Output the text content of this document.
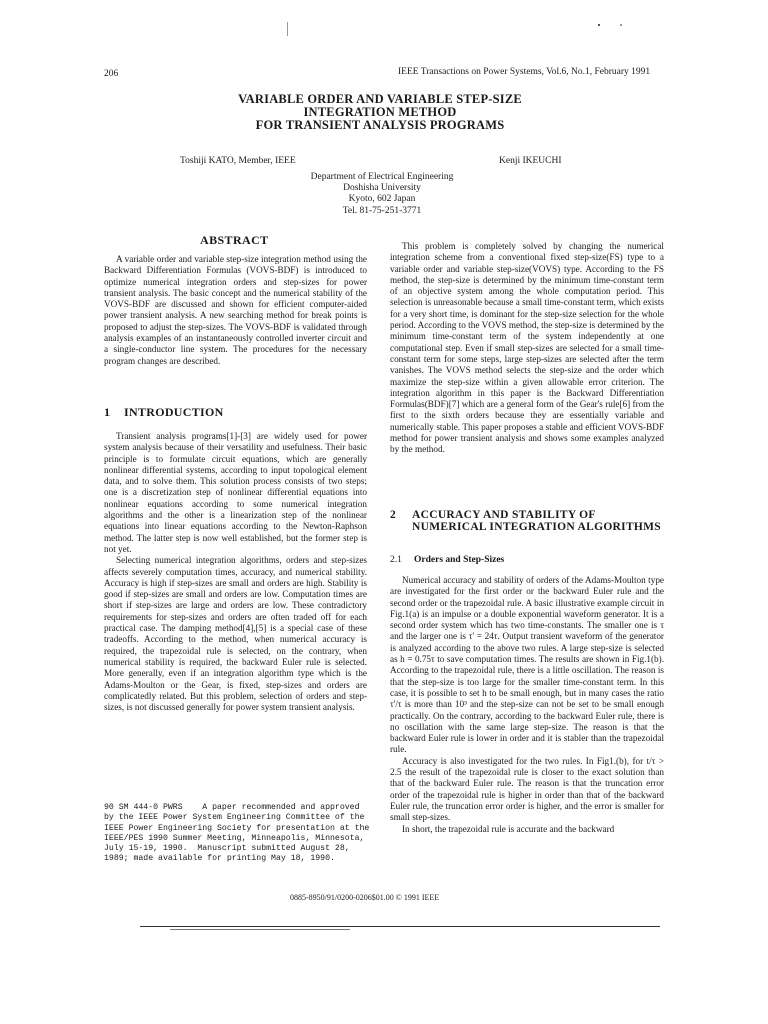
206	IEEE Transactions on Power Systems, Vol.6, No.1, February 1991
VARIABLE ORDER AND VARIABLE STEP-SIZE
INTEGRATION METHOD
FOR TRANSIENT ANALYSIS PROGRAMS
Toshiji KATO, Member, IEEE	Kenji IKEUCHI
Department of Electrical Engineering
Doshisha University
Kyoto, 602 Japan
Tel. 81-75-251-3771
ABSTRACT

A variable order and variable step-size integration method using the Backward Differentiation Formulas (VOVS-BDF) is introduced to optimize numerical integration orders and step-sizes for power transient analysis. The basic concept and the numerical stability of the VOVS-BDF are discussed and shown for efficient computer-aided power transient analysis. A new searching method for break points is proposed to adjust the step-sizes. The VOVS-BDF is validated through analysis examples of an instantaneously controlled inverter circuit and a single-conductor line system. The procedures for the necessary program changes are described.

1 INTRODUCTION

Transient analysis programs[1]-[3] are widely used for power system analysis because of their versatility and usefulness. Their basic principle is to formulate circuit equations, which are generally nonlinear differential systems, according to input topological element data, and to solve them. This solution process consists of two steps; one is a discretization step of nonlinear differential equations into nonlinear equations according to some numerical integration algorithms and the other is a linearization step of the nonlinear equations into linear equations according to the Newton-Raphson method. The latter step is now well established, but the former step is not yet.

Selecting numerical integration algorithms, orders and step-sizes affects severely computation times, accuracy, and numerical stability. Accuracy is high if step-sizes are small and orders are high. Stability is good if step-sizes are small and orders are low. Computation times are short if step-sizes are large and orders are low. These contradictory requirements for step-sizes and orders are often traded off for each practical case. The damping method[4],[5] is a special case of these tradeoffs. According to the method, when numerical accuracy is required, the trapezoidal rule is selected, on the contrary, when numerical stability is required, the backward Euler rule is selected. More generally, even if an integration algorithm type which is the Adams-Moulton or the Gear, is fixed, step-sizes and orders are complicatedly related. But this problem, selection of orders and step-sizes, is not discussed generally for power system transient analysis.

This problem is completely solved by changing the numerical integration scheme from a conventional fixed step-size(FS) type to a variable order and variable step-size(VOVS) type. According to the FS method, the step-size is determined by the minimum time-constant term of an objective system among the whole computation period. This selection is unreasonable because a small time-constant term, which exists for a very short time, is dominant for the step-size selection for the whole period. According to the VOVS method, the step-size is determined by the minimum time-constant term of the system independently at one computational step. Even if small step-sizes are selected for a small time-constant term for some steps, large step-sizes are selected after the term vanishes. The VOVS method selects the step-size and the order which maximize the step-size within a given allowable error criterion. The integration algorithm in this paper is the Backward Differentiation Formulas(BDF)[7] which are a general form of the Gear's rule[6] from the first to the sixth orders because they are essentially variable and numerically stable. This paper proposes a stable and efficient VOVS-BDF method for power transient analysis and shows some examples analyzed by the method.

2 ACCURACY AND STABILITY OF NUMERICAL INTEGRATION ALGORITHMS
2.1 Orders and Step-Sizes

Numerical accuracy and stability of orders of the Adams-Moulton type are investigated for the first order or the backward Euler rule and the second order or the trapezoidal rule. A basic illustrative example circuit in Fig.1(a) is an impulse or a double exponential waveform generator. It is a second order system which has two time-constants. The smaller one is τ and the larger one is τ' = 24τ. Output transient waveform of the generator is analyzed according to the above two rules. A large step-size is selected as h = 0.75τ to save computation times. The results are shown in Fig.1(b). According to the trapezoidal rule, there is a little oscillation. The reason is that the step-size is too large for the smaller time-constant term. In this case, it is possible to set h to be small enough, but in many cases the ratio τ'/τ is more than 10³ and the step-size can not be set to be small enough practically. On the contrary, according to the backward Euler rule, there is no oscillation with the same large step-size. The reason is that the backward Euler rule is lower in order and it is stabler than the trapezoidal rule.

Accuracy is also investigated for the two rules. In Fig1.(b), for t/τ > 2.5 the result of the trapezoidal rule is closer to the exact solution than that of the backward Euler rule. The reason is that the truncation error order of the trapezoidal rule is higher in order than that of the backward Euler rule, the truncation error order is higher, and the error is smaller for small step-sizes.

In short, the trapezoidal rule is accurate and the backward

90 SM 444-0 PWRS    A paper recommended and approved
by the IEEE Power System Engineering Committee of the
IEEE Power Engineering Society for presentation at the
IEEE/PES 1990 Summer Meeting, Minneapolis, Minnesota,
July 15-19, 1990.  Manuscript submitted August 28,
1989; made available for printing May 18, 1990.
0885-8950/91/0200-0206$01.00 © 1991 IEEE
